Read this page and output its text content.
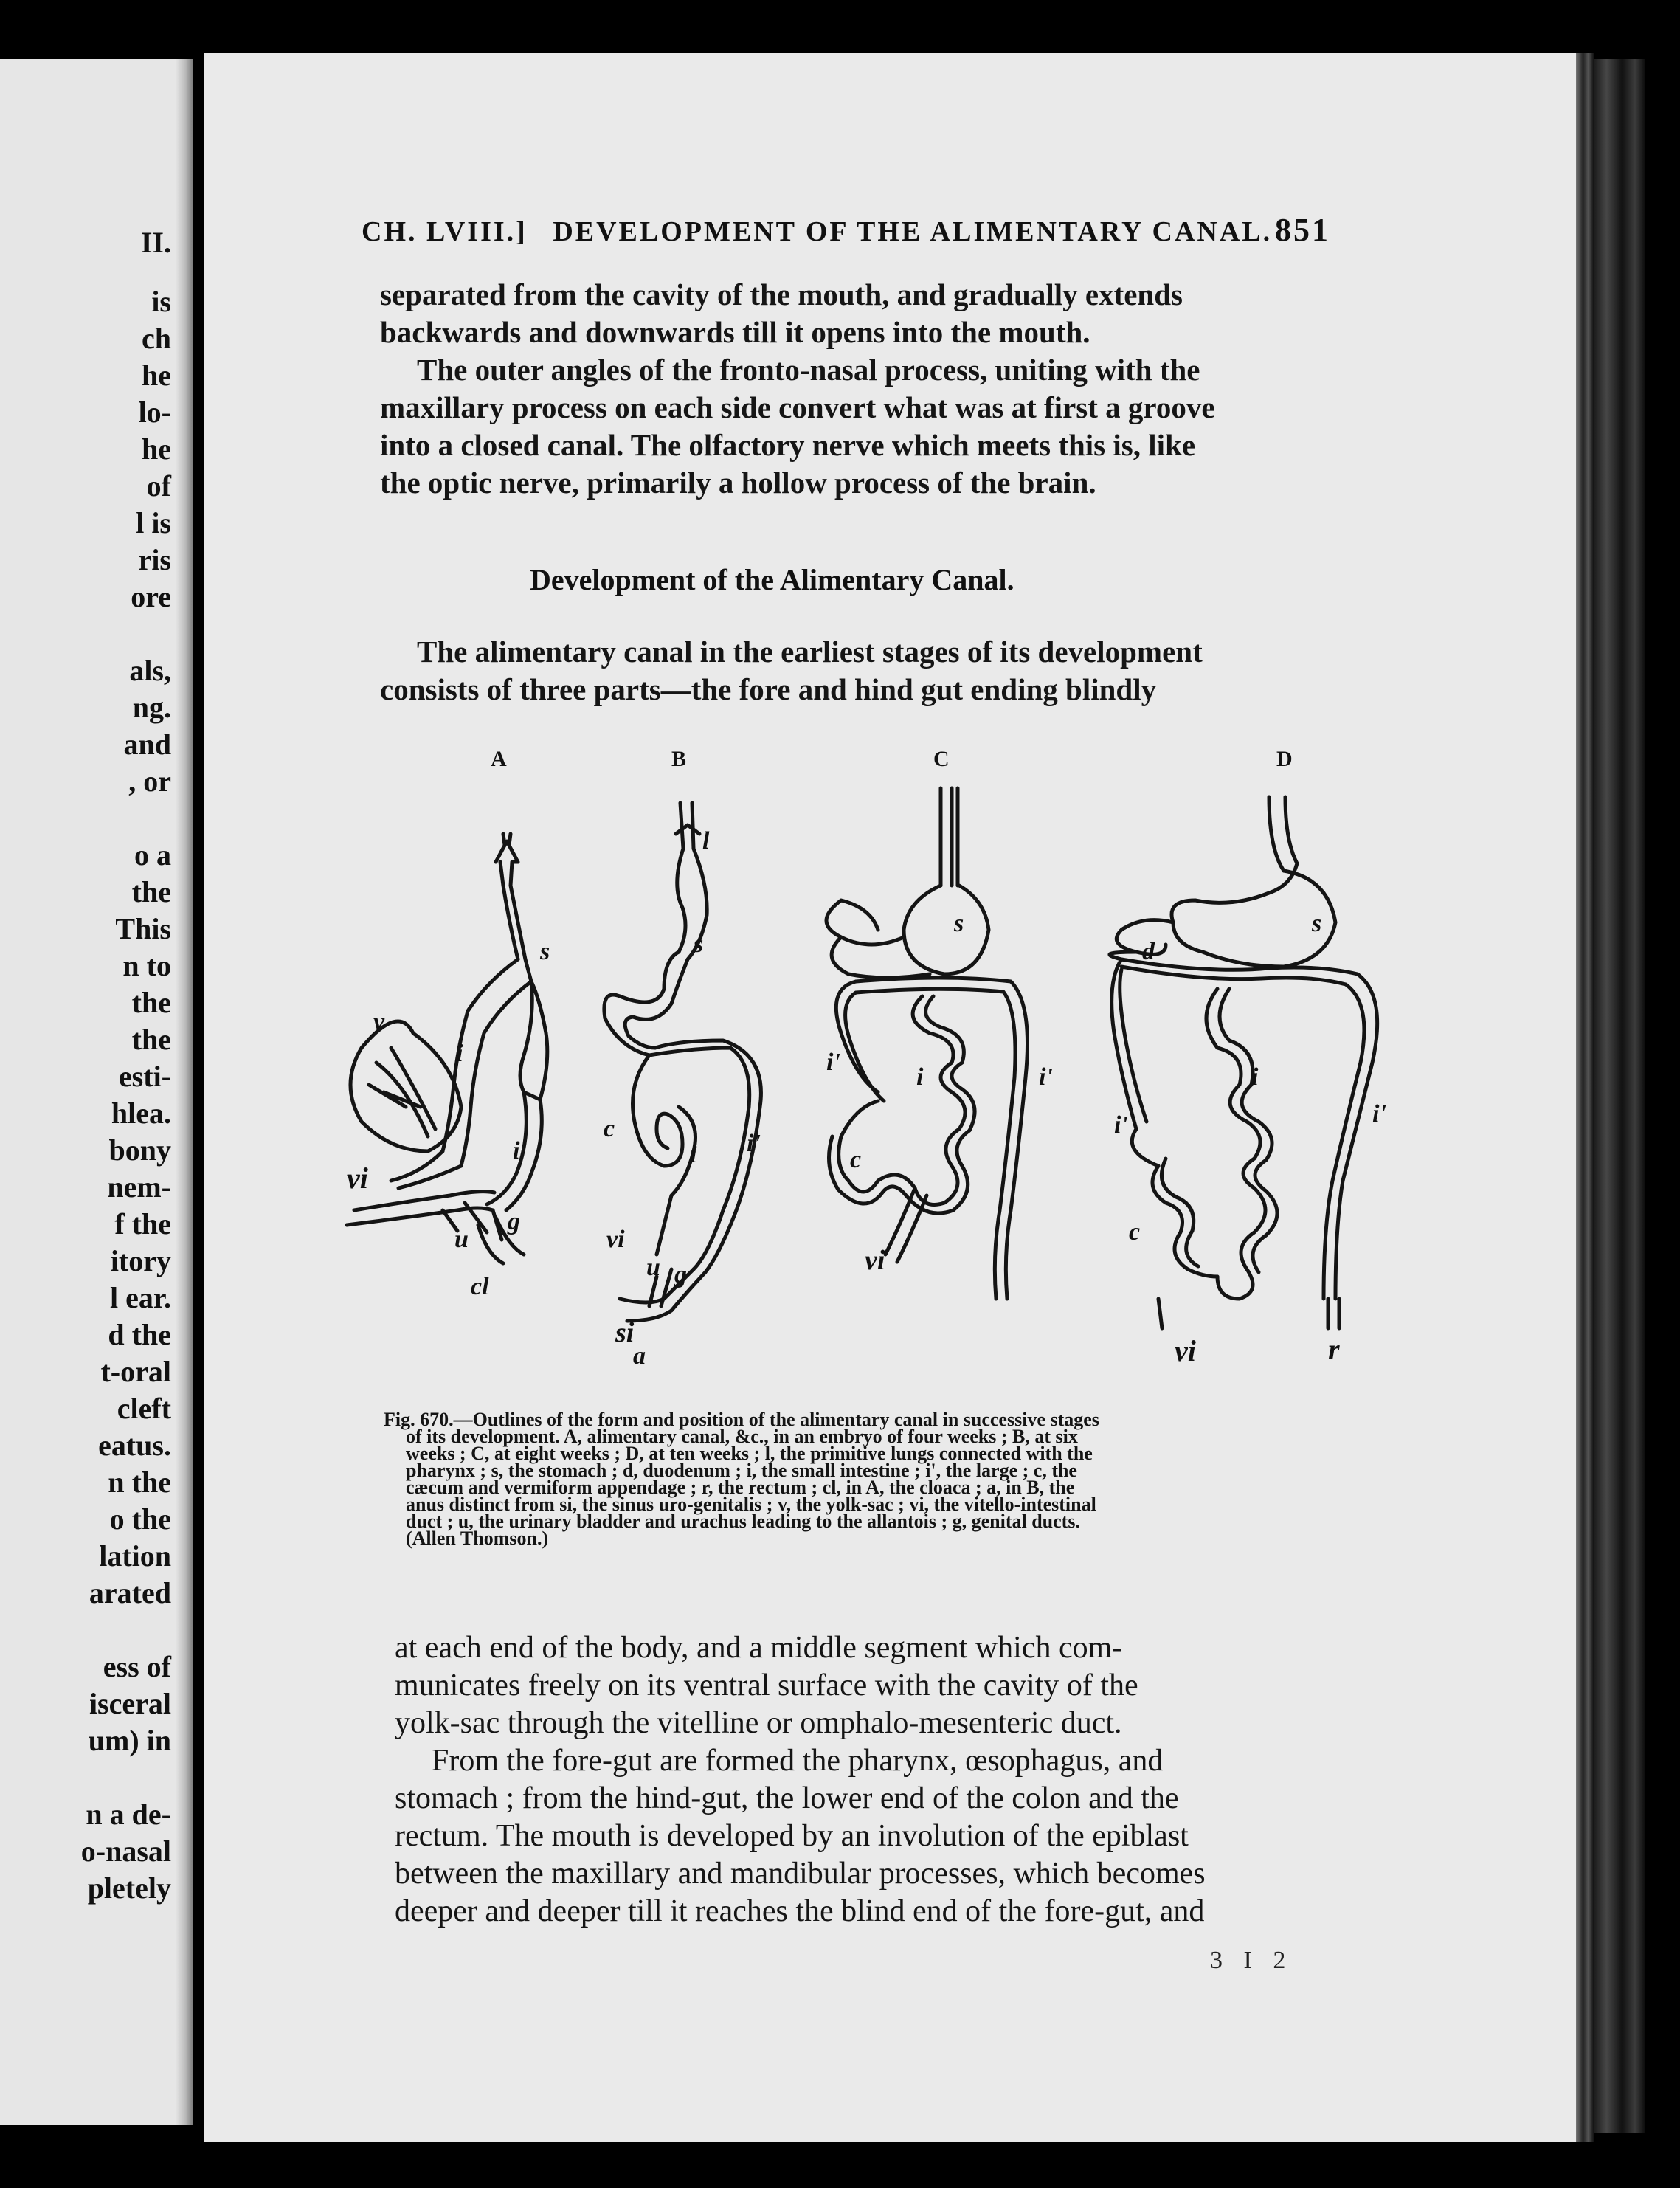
II.
is
ch
he
lo-
he
of
l is
ris
ore
als,
ng.
and
, or
o a
the
This
n to
the
the
esti-
hlea.
bony
nem-
f the
itory
l ear.
d the
t-oral
cleft
eatus.
n the
o the
lation
arated
ess of
isceral
um) in
n a de-
o-nasal
pletely
CH. LVIII.] DEVELOPMENT OF THE ALIMENTARY CANAL. 851
separated from the cavity of the mouth, and gradually extends
backwards and downwards till it opens into the mouth.
The outer angles of the fronto-nasal process, uniting with the
maxillary process on each side convert what was at first a groove
into a closed canal. The olfactory nerve which meets this is, like
the optic nerve, primarily a hollow process of the brain.
Development of the Alimentary Canal.
The alimentary canal in the earliest stages of its development
consists of three parts—the fore and hind gut ending blindly
A	B	C	D
v
i
s
i'
vi
u
g
cl
l
s
c
i i'
vi
u g
si
a
s
i'
i	i'
c
vi
d
s
i
i'	i'
c
vi	r
Fig. 670.—Outlines of the form and position of the alimentary canal in successive stages
of its development. A, alimentary canal, &c., in an embryo of four weeks ; B, at six
weeks ; C, at eight weeks ; D, at ten weeks ; l, the primitive lungs connected with the
pharynx ; s, the stomach ; d, duodenum ; i, the small intestine ; i', the large ; c, the
cæcum and vermiform appendage ; r, the rectum ; cl, in A, the cloaca ; a, in B, the
anus distinct from si, the sinus uro-genitalis ; v, the yolk-sac ; vi, the vitello-intestinal
duct ; u, the urinary bladder and urachus leading to the allantois ; g, genital ducts.
(Allen Thomson.)
at each end of the body, and a middle segment which com-
municates freely on its ventral surface with the cavity of the
yolk-sac through the vitelline or omphalo-mesenteric duct.
From the fore-gut are formed the pharynx, œsophagus, and
stomach ; from the hind-gut, the lower end of the colon and the
rectum. The mouth is developed by an involution of the epiblast
between the maxillary and mandibular processes, which becomes
deeper and deeper till it reaches the blind end of the fore-gut, and
3 I 2
